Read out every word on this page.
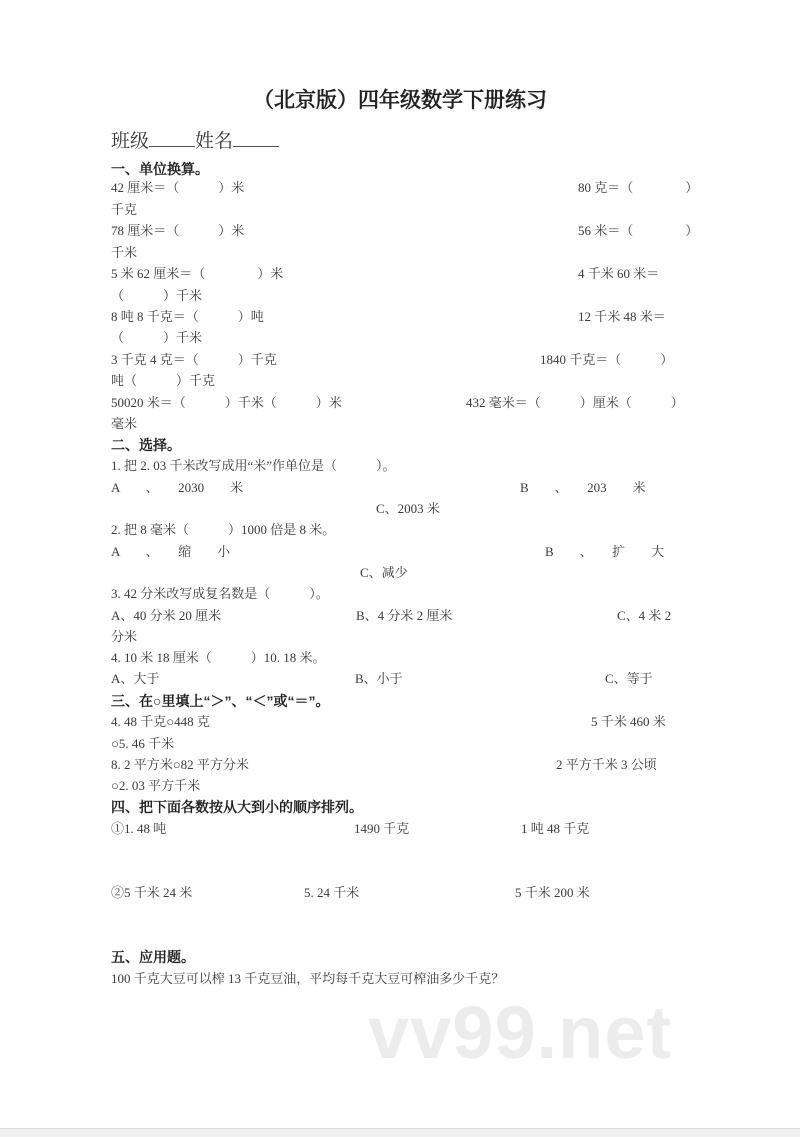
（北京版）四年级数学下册练习
班级 姓名
一、单位换算。
42 厘米＝（　　　）米	80 克＝（　　　　）
千克
78 厘米＝（　　　）米	56 米＝（　　　　）
千米
5 米 62 厘米＝（　　　　）米	4 千米 60 米＝
（　　　）千米
8 吨 8 千克＝（　　　）吨	12 千米 48 米＝
（　　　）千米
3 千克 4 克＝（　　　）千克	1840 千克＝（　　　）
吨（　　　）千克
50020 米＝（　　　）千米（　　　）米	432 毫米＝（　　　）厘米（　　　）
毫米
二、选择。
1. 把 2. 03 千米改写成用“米”作单位是（　　　）。
A　　、　　2030　　米	B　　、　　203　　米
C、2003 米
2. 把 8 毫米（　　　）1000 倍是 8 米。
A　　、　　缩　　小	B　　、　　扩　　大
C、减少
3. 42 分米改写成复名数是（　　　）。
A、40 分米 20 厘米	B、4 分米 2 厘米	C、4 米 2
分米
4. 10 米 18 厘米（　　　）10. 18 米。
A、大于	B、小于	C、等于
三、在○里填上“＞”、“＜”或“＝”。
4. 48 千克○448 克	5 千米 460 米
○5. 46 千米
8. 2 平方米○82 平方分米	2 平方千米 3 公顷
○2. 03 平方千米
四、把下面各数按从大到小的顺序排列。
①1. 48 吨	1490 千克	1 吨 48 千克
②5 千米 24 米	5. 24 千米	5 千米 200 米
五、应用题。
100 千克大豆可以榨 13 千克豆油，平均每千克大豆可榨油多少千克？
vv99.net
